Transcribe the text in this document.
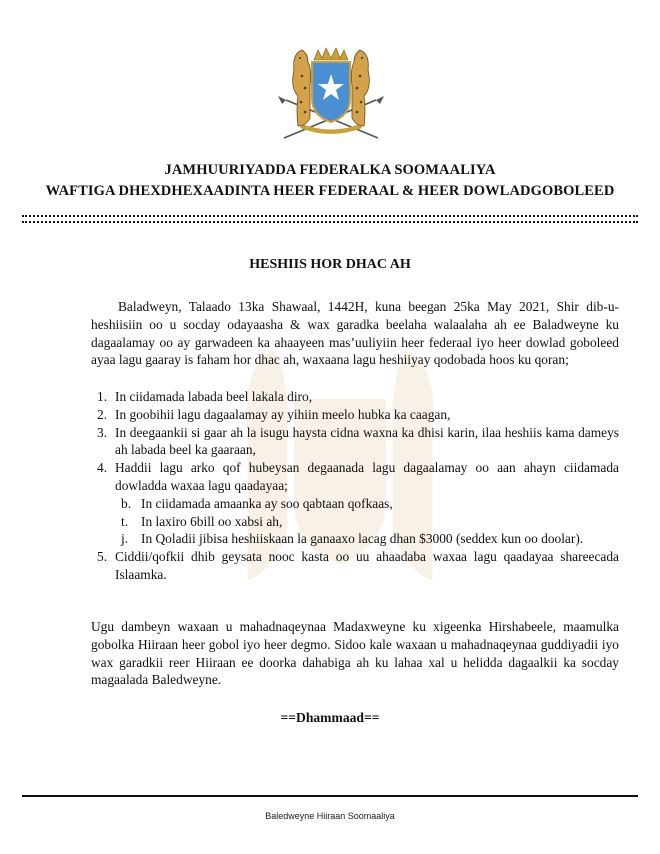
JAMHUURIYADDA FEDERALKA SOOMAALIYA
WAFTIGA DHEXDHEXAADINTA HEER FEDERAAL & HEER DOWLADGOBOLEED
HESHIIS HOR DHAC AH
Baladweyn, Talaado 13ka Shawaal, 1442H, kuna beegan 25ka May 2021, Shir dib-u-heshiisiin oo u socday odayaasha & wax garadka beelaha walaalaha ah ee Baladweyne ku dagaalamay oo ay garwadeen ka ahaayeen mas’uuliyiin heer federaal iyo heer dowlad goboleed ayaa lagu gaaray is faham hor dhac ah, waxaana lagu heshiiyay qodobada hoos ku qoran;
1. In ciidamada labada beel lakala diro,
2. In goobihii lagu dagaalamay ay yihiin meelo hubka ka caagan,
3. In deegaankii si gaar ah la isugu haysta cidna waxna ka dhisi karin, ilaa heshiis kama dameys ah labada beel ka gaaraan,
4. Haddii lagu arko qof hubeysan degaanada lagu dagaalamay oo aan ahayn ciidamada dowladda waxaa lagu qaadayaa;
b. In ciidamada amaanka ay soo qabtaan qofkaas,
t. In laxiro 6bill oo xabsi ah,
j. In Qoladii jibisa heshiiskaan la ganaaxo lacag dhan $3000 (seddex kun oo doolar).
5. Ciddii/qofkii dhib geysata nooc kasta oo uu ahaadaba waxaa lagu qaadayaa shareecada Islaamka.
Ugu dambeyn waxaan u mahadnaqeynaa Madaxweyne ku xigeenka Hirshabeele, maamulka gobolka Hiiraan heer gobol iyo heer degmo. Sidoo kale waxaan u mahadnaqeynaa guddiyadii iyo wax garadkii reer Hiiraan ee doorka dahabiga ah ku lahaa xal u helidda dagaalkii ka socday magaalada Baledweyne.
==Dhammaad==
Baledweyne Hiiraan Soomaaliya
